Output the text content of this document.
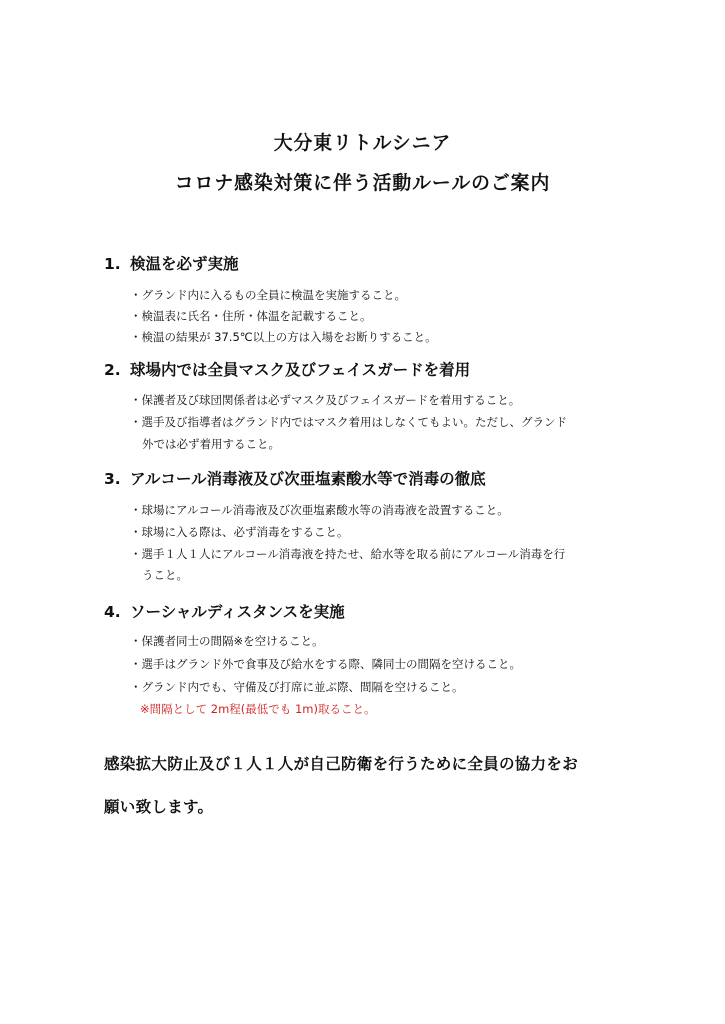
大分東リトルシニア
コロナ感染対策に伴う活動ルールのご案内
1. 検温を必ず実施
・グランド内に入るもの全員に検温を実施すること。
・検温表に氏名・住所・体温を記載すること。
・検温の結果が 37.5℃以上の方は入場をお断りすること。
2. 球場内では全員マスク及びフェイスガードを着用
・保護者及び球団関係者は必ずマスク及びフェイスガードを着用すること。
・選手及び指導者はグランド内ではマスク着用はしなくてもよい。ただし、グランド
外では必ず着用すること。
3. アルコール消毒液及び次亜塩素酸水等で消毒の徹底
・球場にアルコール消毒液及び次亜塩素酸水等の消毒液を設置すること。
・球場に入る際は、必ず消毒をすること。
・選手１人１人にアルコール消毒液を持たせ、給水等を取る前にアルコール消毒を行
うこと。
4. ソーシャルディスタンスを実施
・保護者同士の間隔※を空けること。
・選手はグランド外で食事及び給水をする際、隣同士の間隔を空けること。
・グランド内でも、守備及び打席に並ぶ際、間隔を空けること。
※間隔として 2m程(最低でも 1m)取ること。
感染拡大防止及び１人１人が自己防衛を行うために全員の協力をお
願い致します。
